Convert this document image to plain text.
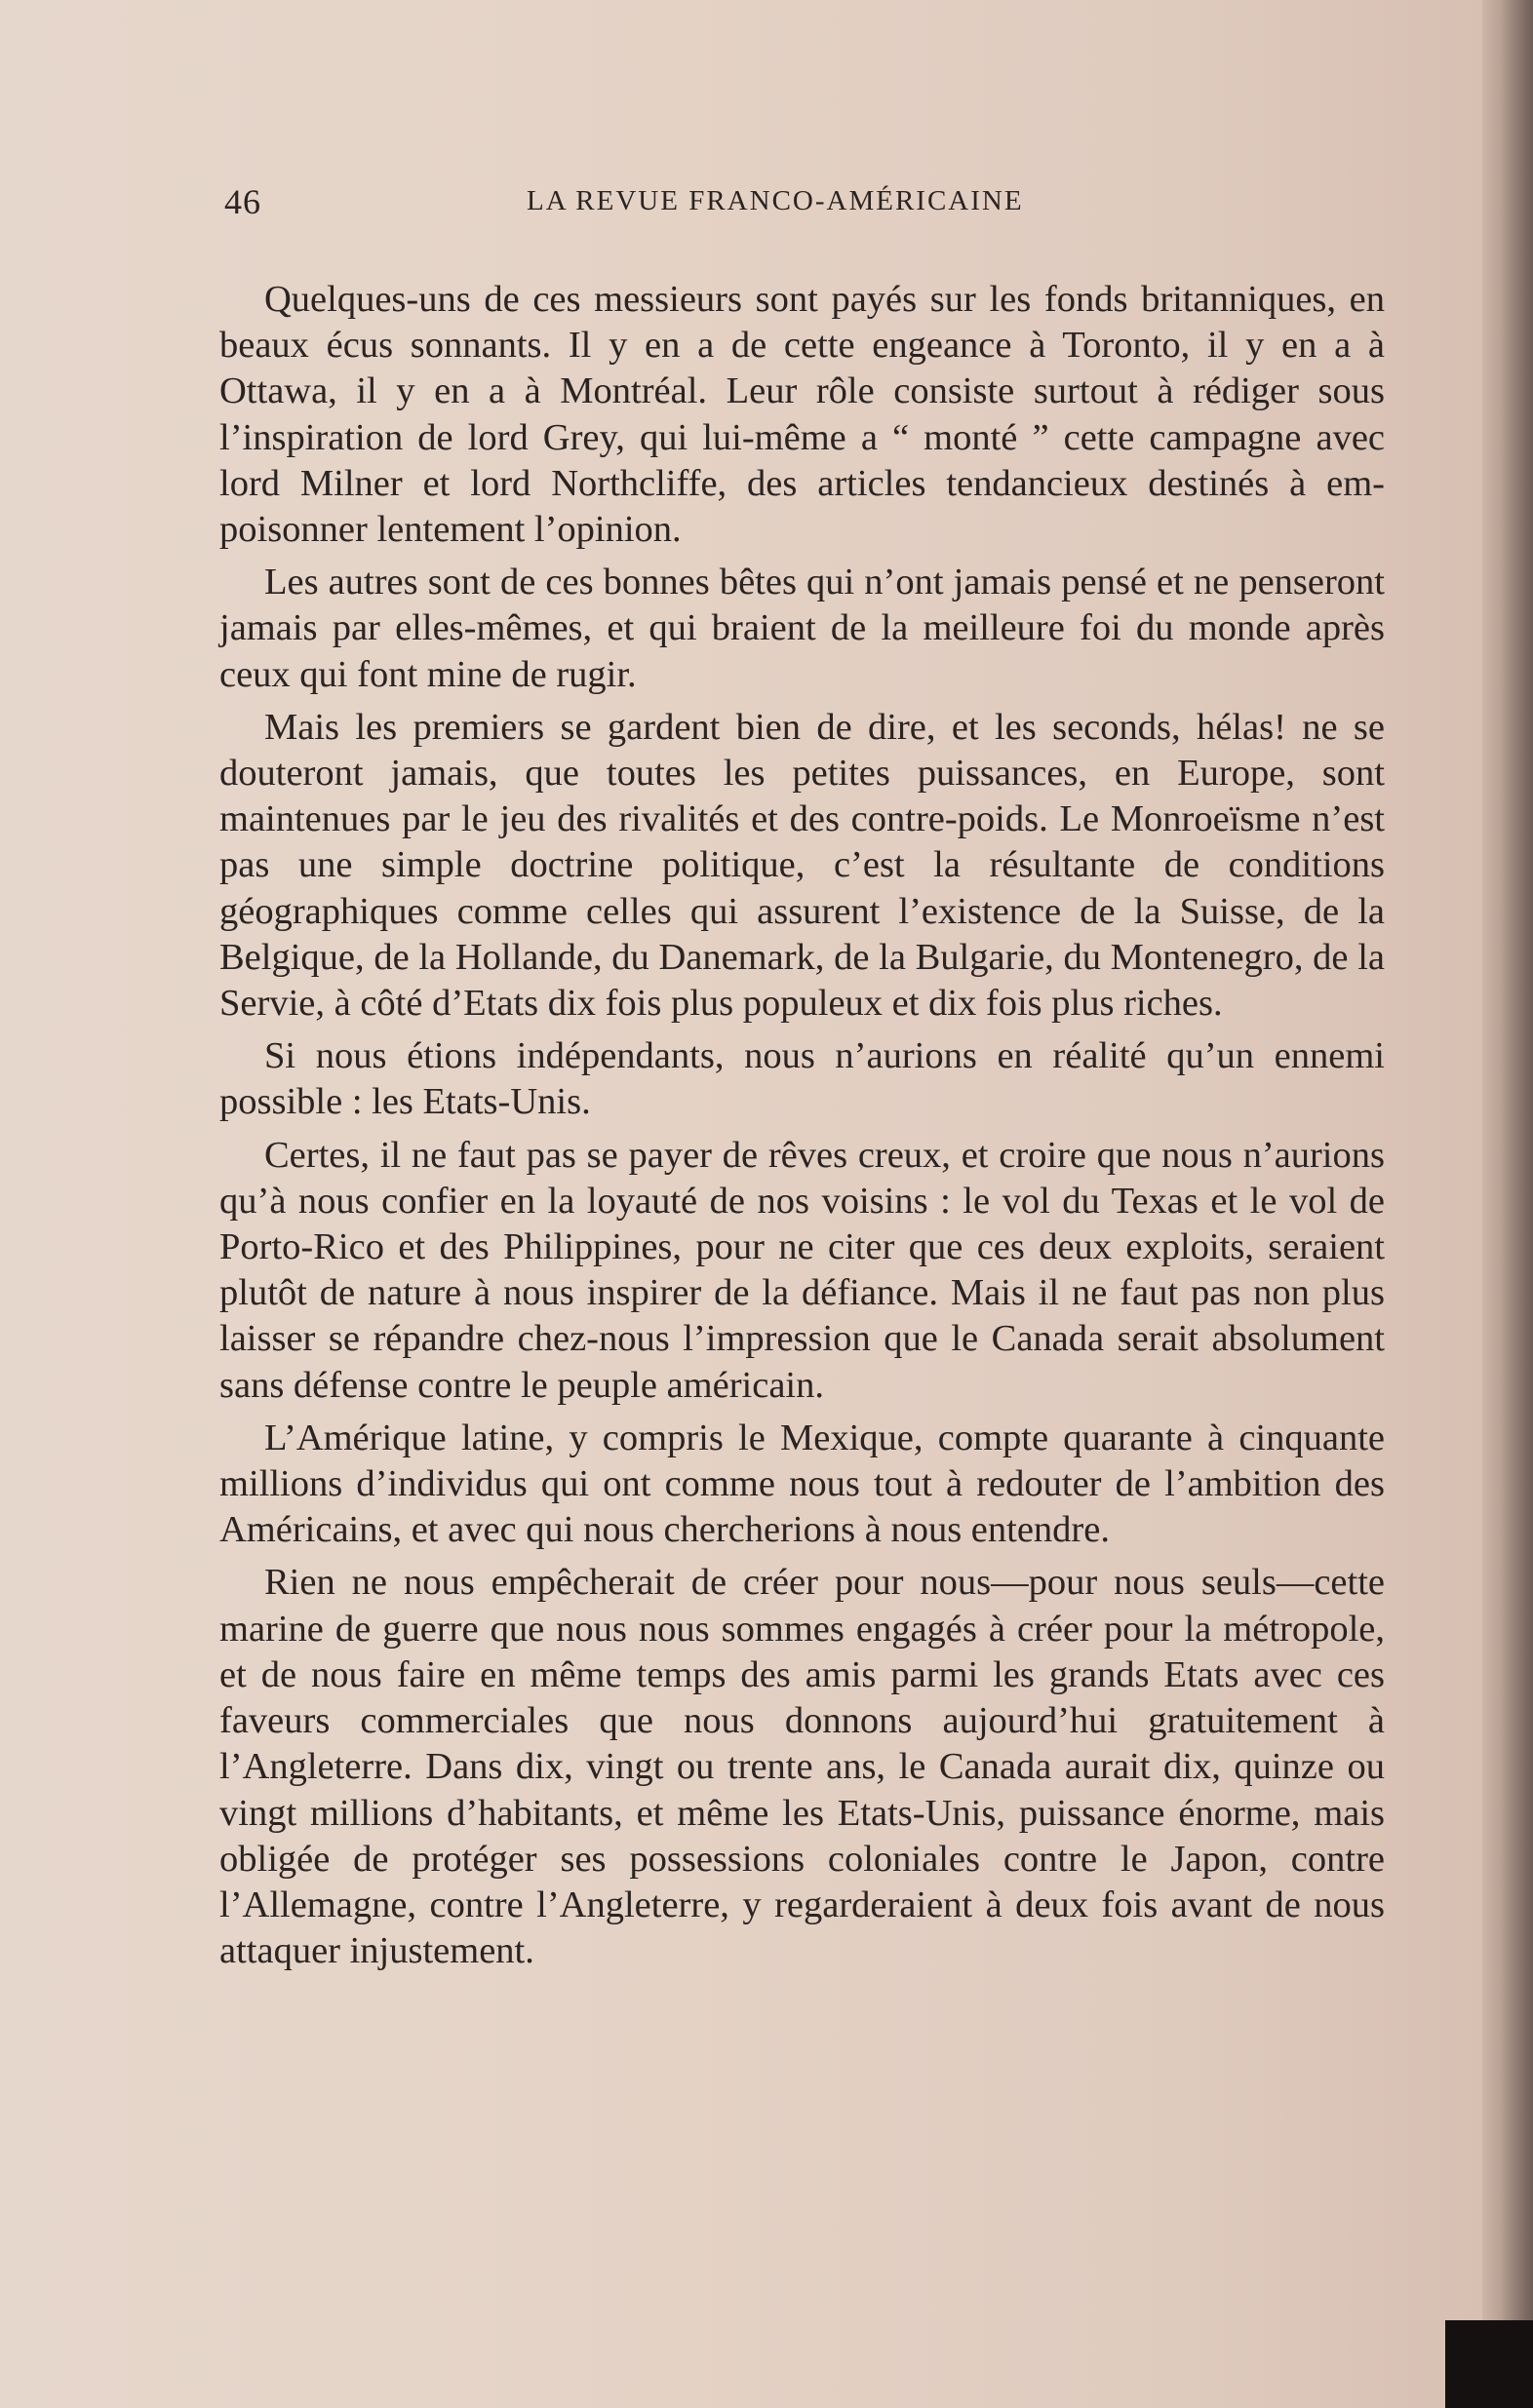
46	LA REVUE FRANCO-AMÉRICAINE

Quelques-uns de ces messieurs sont payés sur les fonds britanniques, en beaux écus sonnants. Il y en a de cette engeance à Toronto, il y en a à Ottawa, il y en a à Montréal. Leur rôle consiste surtout à rédiger sous l’inspiration de lord Grey, qui lui-même a “ monté ” cette campagne avec lord Milner et lord Northcliffe, des articles tendancieux destinés à empoisonner lentement l’opinion.

Les autres sont de ces bonnes bêtes qui n’ont jamais pensé et ne penseront jamais par elles-mêmes, et qui braient de la meilleure foi du monde après ceux qui font mine de rugir.

Mais les premiers se gardent bien de dire, et les seconds, hélas! ne se douteront jamais, que toutes les petites puissances, en Europe, sont maintenues par le jeu des rivalités et des contre-poids. Le Monroeïsme n’est pas une simple doctrine politique, c’est la résultante de conditions géographiques comme celles qui assurent l’existence de la Suisse, de la Belgique, de la Hollande, du Danemark, de la Bulgarie, du Montenegro, de la Servie, à côté d’Etats dix fois plus populeux et dix fois plus riches.

Si nous étions indépendants, nous n’aurions en réalité qu’un ennemi possible : les Etats-Unis.

Certes, il ne faut pas se payer de rêves creux, et croire que nous n’aurions qu’à nous confier en la loyauté de nos voisins : le vol du Texas et le vol de Porto-Rico et des Philippines, pour ne citer que ces deux exploits, seraient plutôt de nature à nous inspirer de la défiance. Mais il ne faut pas non plus laisser se répandre chez-nous l’impression que le Canada serait absolument sans défense contre le peuple américain.

L’Amérique latine, y compris le Mexique, compte quarante à cinquante millions d’individus qui ont comme nous tout à redouter de l’ambition des Américains, et avec qui nous chercherions à nous entendre.

Rien ne nous empêcherait de créer pour nous—pour nous seuls—cette marine de guerre que nous nous sommes engagés à créer pour la métropole, et de nous faire en même temps des amis parmi les grands Etats avec ces faveurs commerciales que nous donnons aujourd’hui gratuitement à l’Angleterre. Dans dix, vingt ou trente ans, le Canada aurait dix, quinze ou vingt millions d’habitants, et même les Etats-Unis, puissance énorme, mais obligée de protéger ses possessions coloniales contre le Japon, contre l’Allemagne, contre l’Angleterre, y regarderaient à deux fois avant de nous attaquer injustement.
